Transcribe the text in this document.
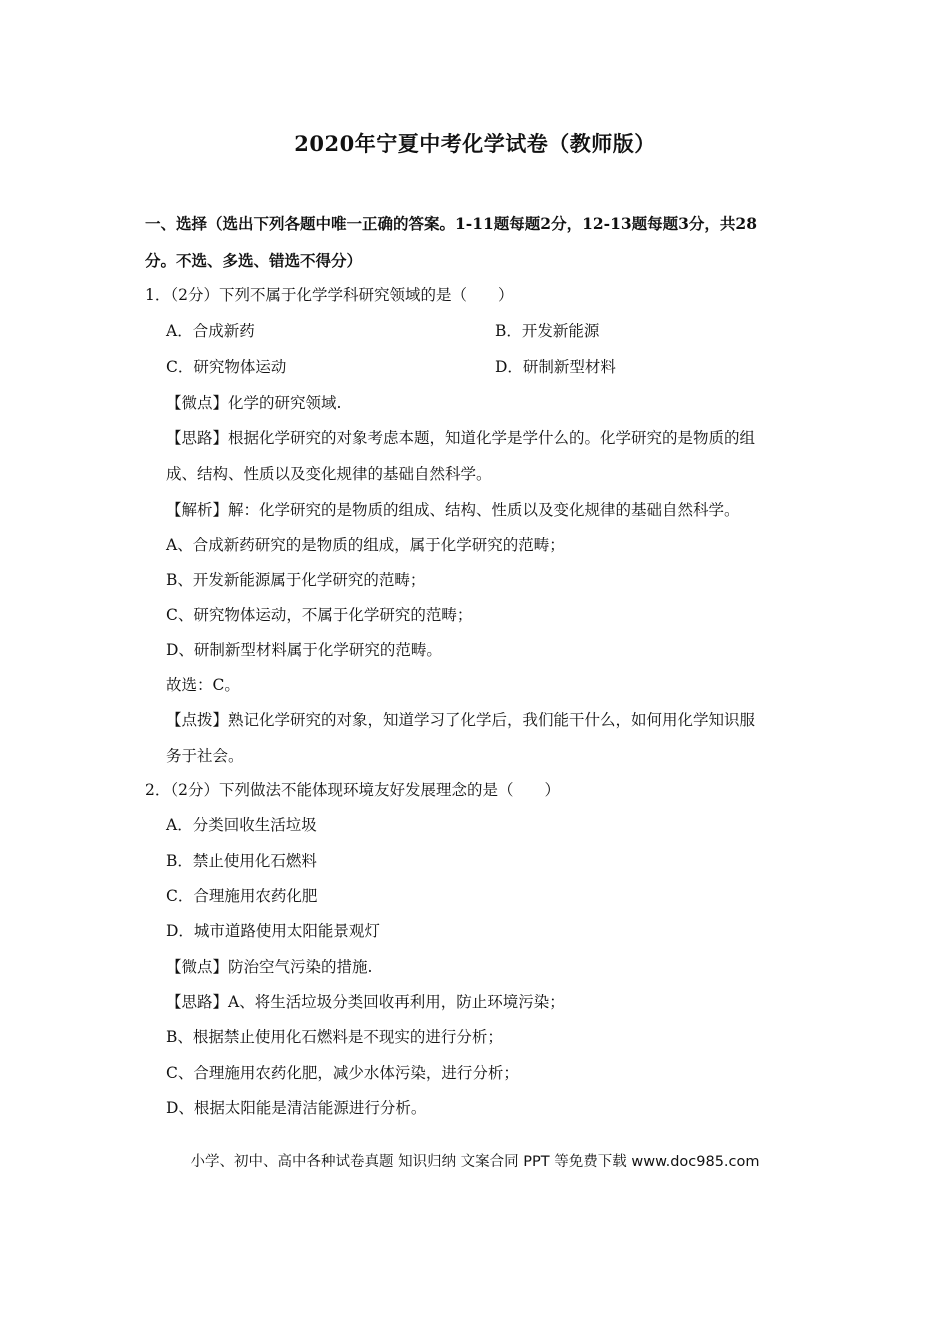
2020年宁夏中考化学试卷（教师版）
一、选择（选出下列各题中唯一正确的答案。1-11题每题2分，12-13题每题3分，共28
分。不选、多选、错选不得分）
1．（2分）下列不属于化学学科研究领域的是（　　）
A．合成新药	B．开发新能源
C．研究物体运动	D．研制新型材料
【微点】化学的研究领域.
【思路】根据化学研究的对象考虑本题，知道化学是学什么的。化学研究的是物质的组
成、结构、性质以及变化规律的基础自然科学。
【解析】解：化学研究的是物质的组成、结构、性质以及变化规律的基础自然科学。
A、合成新药研究的是物质的组成，属于化学研究的范畴；
B、开发新能源属于化学研究的范畴；
C、研究物体运动，不属于化学研究的范畴；
D、研制新型材料属于化学研究的范畴。
故选：C。
【点拨】熟记化学研究的对象，知道学习了化学后，我们能干什么，如何用化学知识服
务于社会。
2．（2分）下列做法不能体现环境友好发展理念的是（　　）
A．分类回收生活垃圾
B．禁止使用化石燃料
C．合理施用农药化肥
D．城市道路使用太阳能景观灯
【微点】防治空气污染的措施.
【思路】A、将生活垃圾分类回收再利用，防止环境污染；
B、根据禁止使用化石燃料是不现实的进行分析；
C、合理施用农药化肥，减少水体污染，进行分析；
D、根据太阳能是清洁能源进行分析。
小学、初中、高中各种试卷真题 知识归纳 文案合同 PPT 等免费下载 www.doc985.com
